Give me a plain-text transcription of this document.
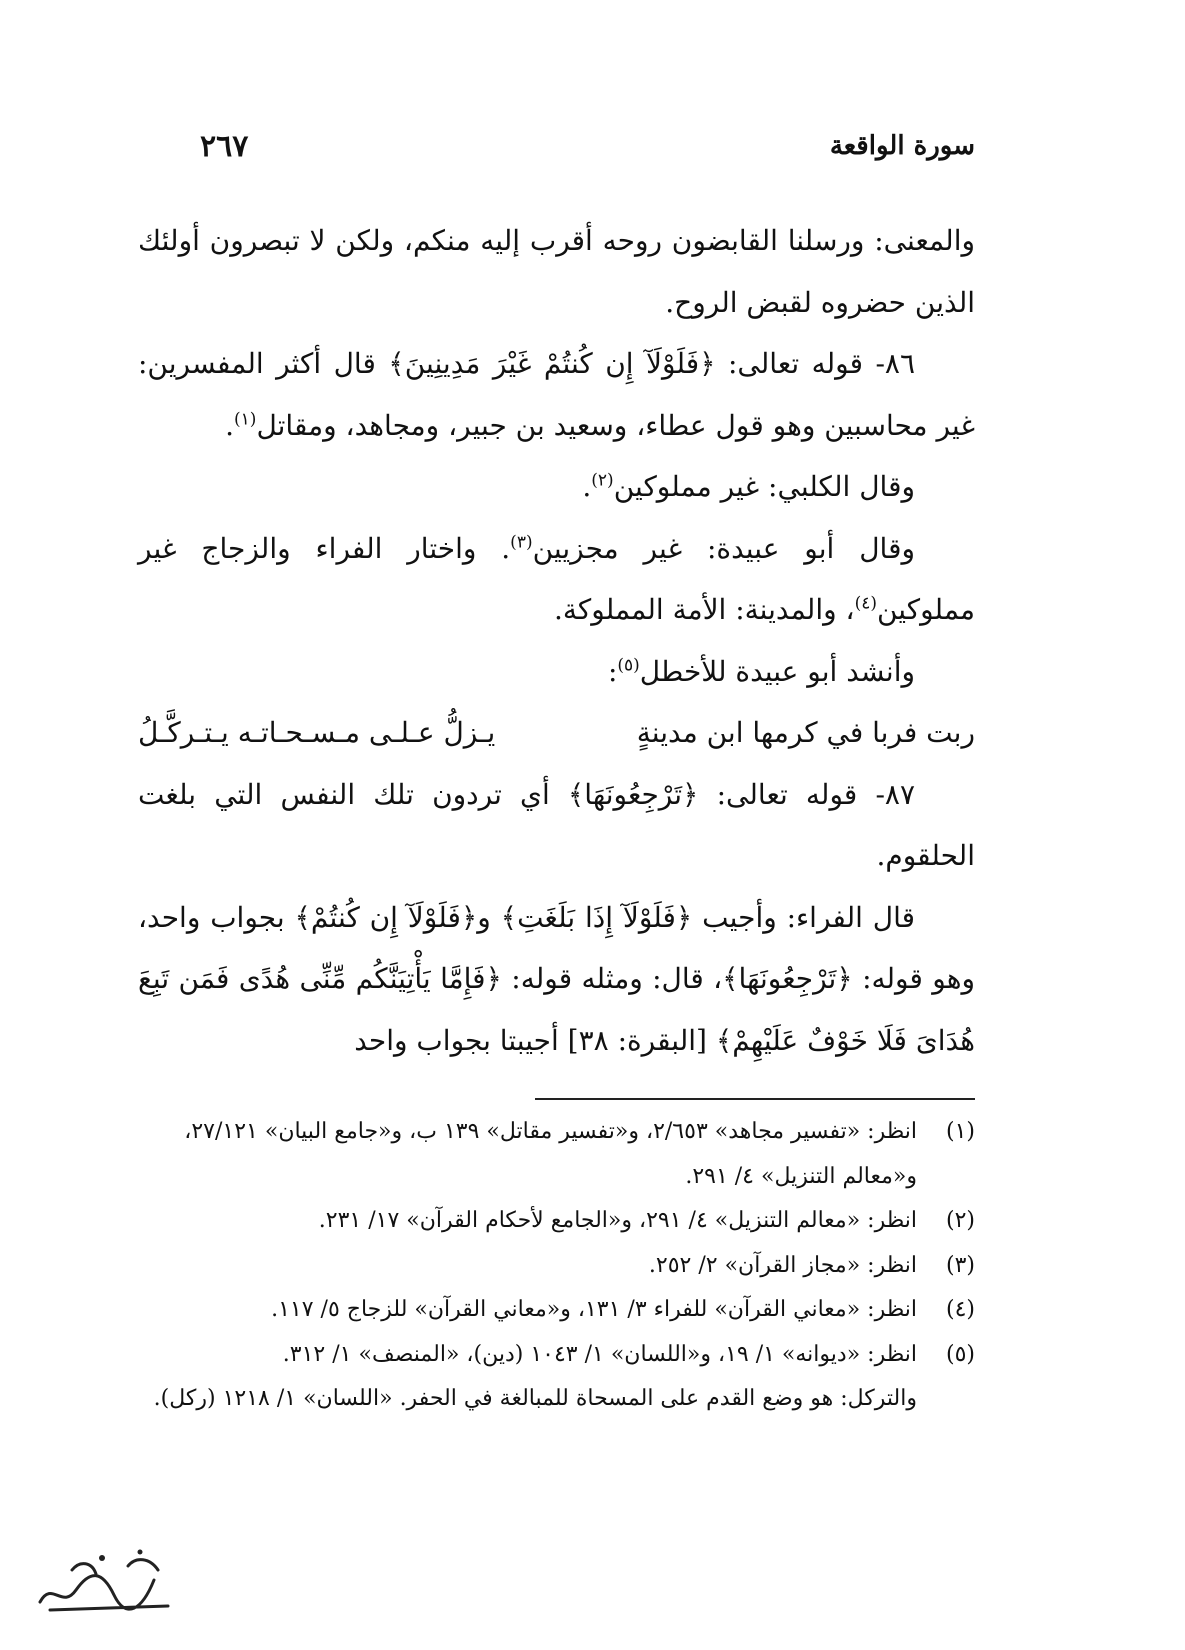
سورة الواقعة
٢٦٧

والمعنى: ورسلنا القابضون روحه أقرب إليه منكم، ولكن لا تبصرون أولئك الذين حضروه لقبض الروح.

٨٦- قوله تعالى: ﴿فَلَوْلَآ إِن كُنتُمْ غَيْرَ مَدِينِينَ﴾ قال أكثر المفسرين: غير محاسبين وهو قول عطاء، وسعيد بن جبير، ومجاهد، ومقاتل$^{(١)}$.

وقال الكلبي: غير مملوكين$^{(٢)}$.

وقال أبو عبيدة: غير مجزيين$^{(٣)}$. واختار الفراء والزجاج غير مملوكين$^{(٤)}$، والمدينة: الأمة المملوكة.

وأنشد أبو عبيدة للأخطل$^{(٥)}$:

ربت فربا في كرمها ابن مدينةٍ
يـزلُّ عـلـى مـسـحـاتـه يـتـركَّـلُ

٨٧- قوله تعالى: ﴿تَرْجِعُونَهَا﴾ أي تردون تلك النفس التي بلغت الحلقوم.

قال الفراء: وأجيب ﴿فَلَوْلَآ إِذَا بَلَغَتِ﴾ و﴿فَلَوْلَآ إِن كُنتُمْ﴾ بجواب واحد، وهو قوله: ﴿تَرْجِعُونَهَا﴾، قال: ومثله قوله: ﴿فَإِمَّا يَأْتِيَنَّكُم مِّنِّى هُدًى فَمَن تَبِعَ هُدَاىَ فَلَا خَوْفٌ عَلَيْهِمْ﴾ [البقرة: ٣٨] أجيبتا بجواب واحد

(١)
انظر: «تفسير مجاهد» ٢/٦٥٣، و«تفسير مقاتل» ١٣٩ ب، و«جامع البيان» ٢٧/١٢١، و«معالم التنزيل» ٤/ ٢٩١.
(٢)
انظر: «معالم التنزيل» ٤/ ٢٩١، و«الجامع لأحكام القرآن» ١٧/ ٢٣١.
(٣)
انظر: «مجاز القرآن» ٢/ ٢٥٢.
(٤)
انظر: «معاني القرآن» للفراء ٣/ ١٣١، و«معاني القرآن» للزجاج ٥/ ١١٧.
(٥)
انظر: «ديوانه» ١/ ١٩، و«اللسان» ١/ ١٠٤٣ (دين)، «المنصف» ١/ ٣١٢.

والتركل: هو وضع القدم على المسحاة للمبالغة في الحفر. «اللسان» ١/ ١٢١٨ (ركل).
